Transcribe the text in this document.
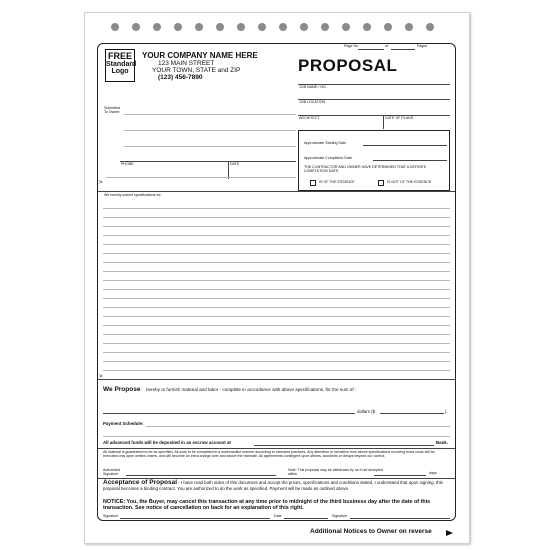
FREE
Standard
Logo
YOUR COMPANY NAME HERE
123 MAIN STREET
YOUR TOWN, STATE and ZIP
(123) 456-7890
Page No.	of	Pages
PROPOSAL
JOB NAME / NO.
JOB LOCATION
ARCHITECT	DATE OF PLANS
Submitted
To Owner:
PHONE	DATE
>
Approximate Starting Date
Approximate Completion Date
THE CONTRACTOR AND OWNER HAVE DETERMINED THAT A DEFINITE COMPLETION DATE:
IS OF THE ESSENCE	IS NOT OF THE ESSENCE
We hereby submit specifications for:
>
We Propose hereby to furnish material and labor - complete in accordance with above specifications, for the sum of :
dollars ($	).
Payment Schedule:
All advanced funds will be deposited in an escrow account at	Bank.
All material is guaranteed to be as specified. All work to be completed in a workmanlike manner according to standard practices. Any alteration or deviation from above specifications involving extra costs will be executed only upon written orders, and will become an extra charge over and above the estimate. All agreements contingent upon strikes, accidents or delays beyond our control.
Authorized
Signature
Note: This proposal may be withdrawn by us if not accepted within	days.
Acceptance of Proposal - I have read both sides of this document and accept the prices, specifications and conditions stated. I understand that upon signing, this proposal becomes a binding contract. You are authorized to do the work as specified. Payment will be made as outlined above.
NOTICE: You, the Buyer, may cancel this transaction at any time prior to midnight of the third business day after the date of this transaction. See notice of cancellation on back for an explanation of this right.
Signature	Date	Signature
Additional Notices to Owner on reverse
